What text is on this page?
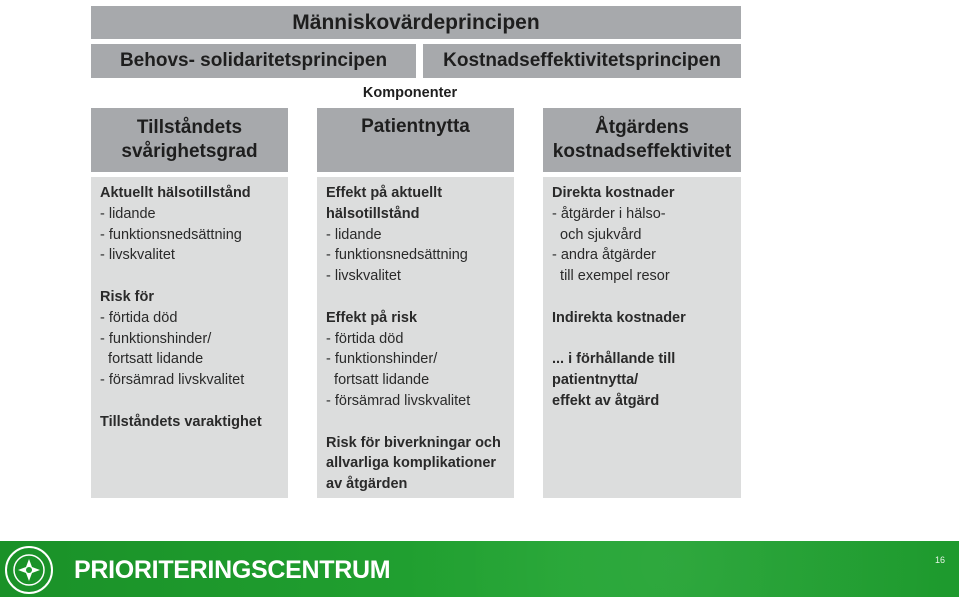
Människovärdeprincipen
Behovs- solidaritetsprincipen	Kostnadseffektivitetsprincipen
Komponenter
Tillståndets
svårighetsgrad
Patientnytta	Åtgärdens
kostnadseffektivitet
Aktuellt hälsotillstånd
- lidande
- funktionsnedsättning
- livskvalitet
Risk för
- förtida död
- funktionshinder/
fortsatt lidande
- försämrad livskvalitet
Tillståndets varaktighet
Effekt på aktuellt
hälsotillstånd
- lidande
- funktionsnedsättning
- livskvalitet
Effekt på risk
- förtida död
- funktionshinder/
fortsatt lidande
- försämrad livskvalitet
Risk för biverkningar och
allvarliga komplikationer
av åtgärden
Direkta kostnader
- åtgärder i hälso-
och sjukvård
- andra åtgärder
till exempel resor
Indirekta kostnader
... i förhållande till
patientnytta/
effekt av åtgärd
PRIORITERINGSCENTRUM	16
